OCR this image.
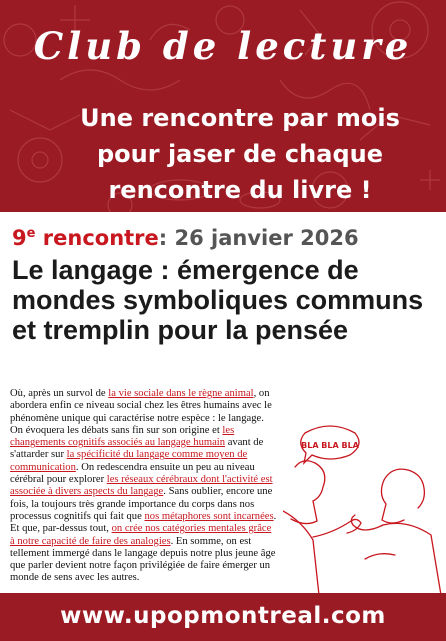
Club de lecture
Une rencontre par mois pour jaser de chaque rencontre du livre !
9e rencontre: 26 janvier 2026
Le langage : émergence de mondes symboliques communs et tremplin pour la pensée
Où, après un survol de la vie sociale dans le règne animal, on abordera enfin ce niveau social chez les êtres humains avec le phénomène unique qui caractérise notre espèce : le langage. On évoquera les débats sans fin sur son origine et les changements cognitifs associés au langage humain avant de s'attarder sur la spécificité du langage comme moyen de communication. On redescendra ensuite un peu au niveau cérébral pour explorer les réseaux cérébraux dont l'activité est associée à divers aspects du langage. Sans oublier, encore une fois, la toujours très grande importance du corps dans nos processus cognitifs qui fait que nos métaphores sont incarnées. Et que, par-dessus tout, on crée nos catégories mentales grâce à notre capacité de faire des analogies. En somme, on est tellement immergé dans le langage depuis notre plus jeune âge que parler devient notre façon privilégiée de faire émerger un monde de sens avec les autres.
BLA BLA BLA
www.upopmontreal.com
